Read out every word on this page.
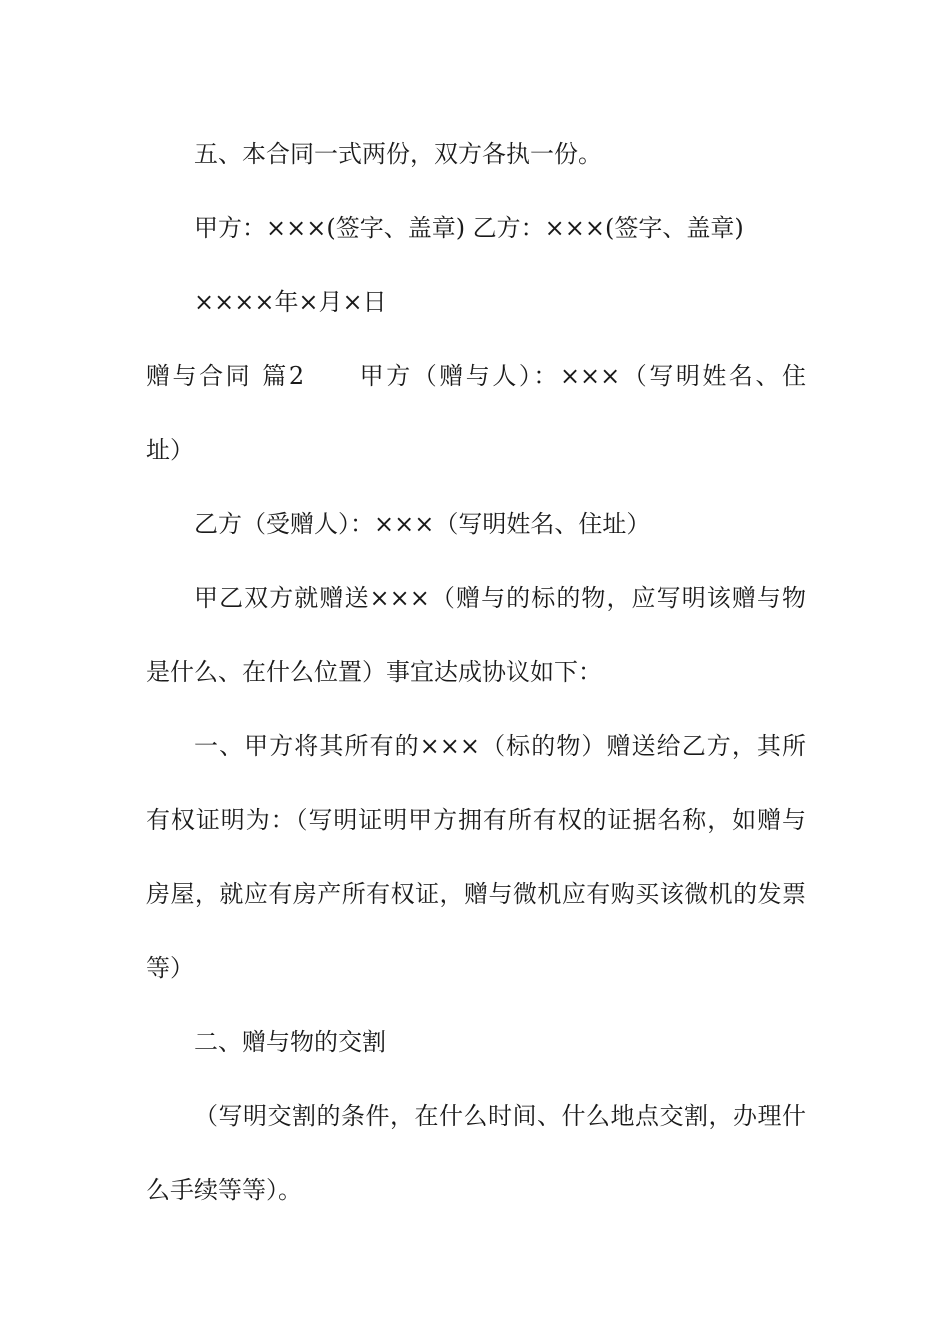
五、本合同一式两份，双方各执一份。
甲方：×××(签字、盖章) 乙方：×××(签字、盖章)
××××年×月×日
赠与合同 篇2　　甲方（赠与人）：×××（写明姓名、住
址）
乙方（受赠人）：×××（写明姓名、住址）
甲乙双方就赠送×××（赠与的标的物，应写明该赠与物
是什么、在什么位置）事宜达成协议如下：
一、甲方将其所有的×××（标的物）赠送给乙方，其所
有权证明为：（写明证明甲方拥有所有权的证据名称，如赠与
房屋，就应有房产所有权证，赠与微机应有购买该微机的发票
等）
二、赠与物的交割
（写明交割的条件，在什么时间、什么地点交割，办理什
么手续等等）。
